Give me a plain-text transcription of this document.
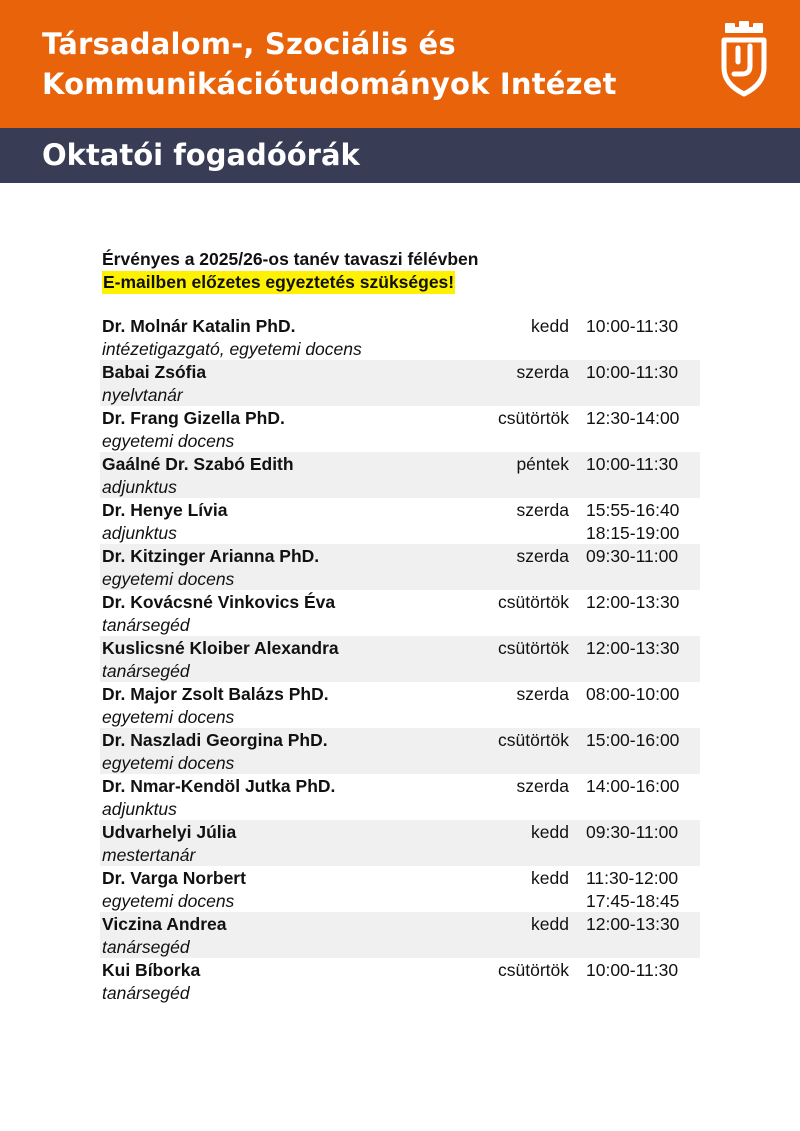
Társadalom-, Szociális és
Kommunikációtudományok Intézet
Oktatói fogadóórák
Érvényes a 2025/26-os tanév tavaszi félévben
E-mailben előzetes egyeztetés szükséges!
Dr. Molnár Katalin PhD.
intézetigazgató, egyetemi docens
kedd 10:00-11:30
Babai Zsófia
nyelvtanár
szerda 10:00-11:30
Dr. Frang Gizella PhD.
egyetemi docens
csütörtök 12:30-14:00
Gaálné Dr. Szabó Edith
adjunktus
péntek 10:00-11:30
Dr. Henye Lívia
adjunktus
szerda 15:55-16:40
18:15-19:00
Dr. Kitzinger Arianna PhD.
egyetemi docens
szerda 09:30-11:00
Dr. Kovácsné Vinkovics Éva
tanársegéd
csütörtök 12:00-13:30
Kuslicsné Kloiber Alexandra
tanársegéd
csütörtök 12:00-13:30
Dr. Major Zsolt Balázs PhD.
egyetemi docens
szerda 08:00-10:00
Dr. Naszladi Georgina PhD.
egyetemi docens
csütörtök 15:00-16:00
Dr. Nmar-Kendöl Jutka PhD.
adjunktus
szerda 14:00-16:00
Udvarhelyi Júlia
mestertanár
kedd 09:30-11:00
Dr. Varga Norbert
egyetemi docens
kedd 11:30-12:00
17:45-18:45
Viczina Andrea
tanársegéd
kedd 12:00-13:30
Kui Bíborka
tanársegéd
csütörtök 10:00-11:30
